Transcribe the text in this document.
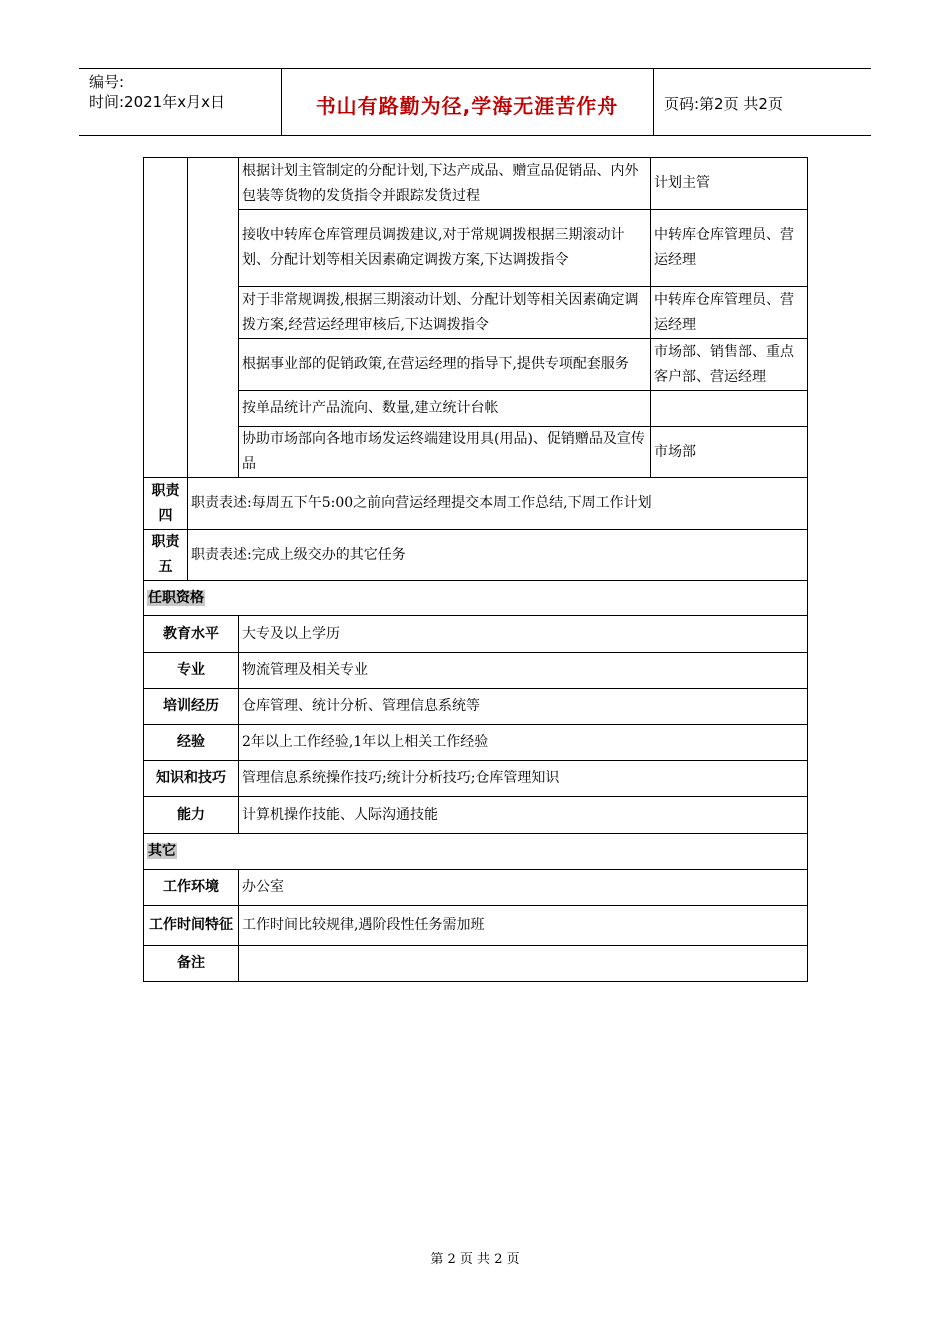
编号:
时间:2021年x月x日	书山有路勤为径,学海无涯苦作舟	页码:第2页 共2页
		根据计划主管制定的分配计划,下达产成品、赠宣品促销品、内外包装等货物的发货指令并跟踪发货过程	计划主管
		接收中转库仓库管理员调拨建议,对于常规调拨根据三期滚动计划、分配计划等相关因素确定调拨方案,下达调拨指令	中转库仓库管理员、营运经理
		对于非常规调拨,根据三期滚动计划、分配计划等相关因素确定调拨方案,经营运经理审核后,下达调拨指令	中转库仓库管理员、营运经理
		根据事业部的促销政策,在营运经理的指导下,提供专项配套服务	市场部、销售部、重点客户部、营运经理
		按单品统计产品流向、数量,建立统计台帐	
		协助市场部向各地市场发运终端建设用具(用品)、促销赠品及宣传品	市场部
职责四	职责表述:每周五下午5:00之前向营运经理提交本周工作总结,下周工作计划		
职责五	职责表述:完成上级交办的其它任务		
任职资格			
教育水平		大专及以上学历	
专业		物流管理及相关专业	
培训经历		仓库管理、统计分析、管理信息系统等	
经验		2年以上工作经验,1年以上相关工作经验	
知识和技巧		管理信息系统操作技巧;统计分析技巧;仓库管理知识	
能力		计算机操作技能、人际沟通技能	
其它			
工作环境		办公室	
工作时间特征		工作时间比较规律,遇阶段性任务需加班	
备注			
第 2 页 共 2 页
